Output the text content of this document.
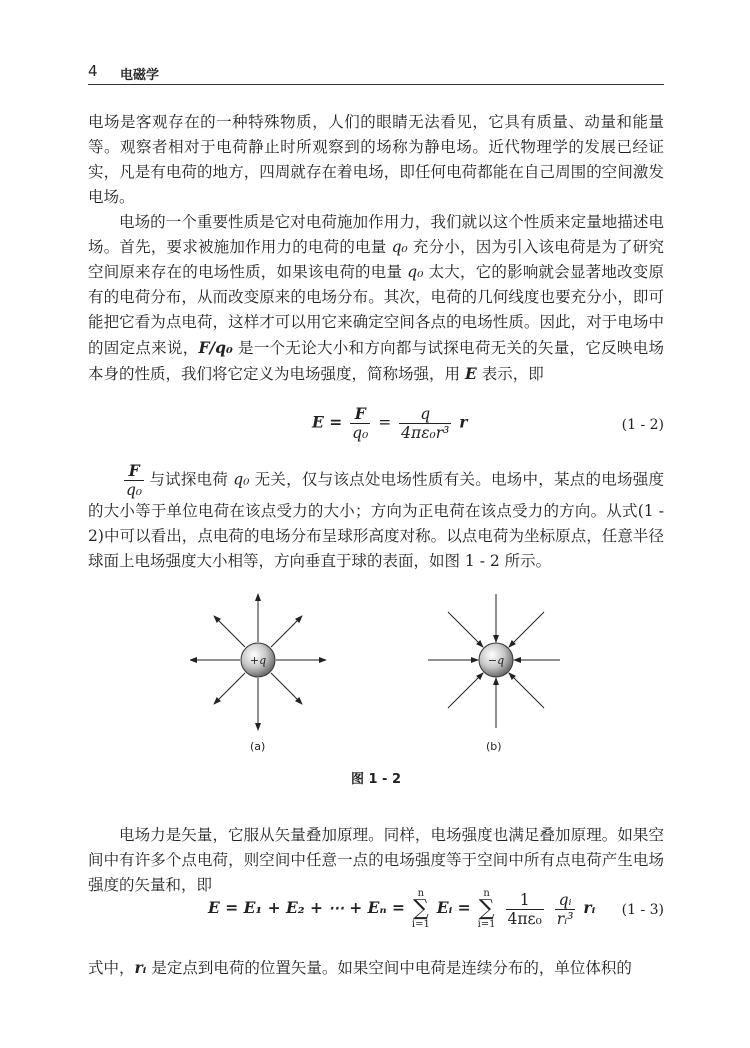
4 电磁学

电场是客观存在的一种特殊物质，人们的眼睛无法看见，它具有质量、动量和能量等。观察者相对于电荷静止时所观察到的场称为静电场。近代物理学的发展已经证实，凡是有电荷的地方，四周就存在着电场，即任何电荷都能在自己周围的空间激发电场。

电场的一个重要性质是它对电荷施加作用力，我们就以这个性质来定量地描述电场。首先，要求被施加作用力的电荷的电量 q₀ 充分小，因为引入该电荷是为了研究空间原来存在的电场性质，如果该电荷的电量 q₀ 太大，它的影响就会显著地改变原有的电荷分布，从而改变原来的电场分布。其次，电荷的几何线度也要充分小，即可能把它看为点电荷，这样才可以用它来确定空间各点的电场性质。因此，对于电场中的固定点来说，F/q₀ 是一个无论大小和方向都与试探电荷无关的矢量，它反映电场本身的性质，我们将它定义为电场强度，简称场强，用 E 表示，即

$E = \frac{F}{\text{q₀}} = \frac{q}{\text{4πε₀r³}}$ r	(1 - 2)

$\frac{F}{\text{q₀}}$ 与试探电荷 q₀ 无关，仅与该点处电场性质有关。电场中，某点的电场强度的大小等于单位电荷在该点受力的大小；方向为正电荷在该点受力的方向。从式(1 - 2)中可以看出，点电荷的电场分布呈球形高度对称。以点电荷为坐标原点，任意半径球面上电场强度大小相等，方向垂直于球的表面，如图 1 - 2 所示。

+q	−q
(a)	(b)
图 1 - 2

电场力是矢量，它服从矢量叠加原理。同样，电场强度也满足叠加原理。如果空间中有许多个点电荷，则空间中任意一点的电场强度等于空间中所有点电荷产生电场强度的矢量和，即

E = E₁ + E₂ + ⋯ + Eₙ = n
∑
i=1 Eᵢ = n
∑
$i=1 \frac{1}{\text{4πε₀}}$
$\frac{\text{qᵢ}}{\text{rᵢ³}}$ rᵢ (1 - 3)

式中，rᵢ 是定点到电荷的位置矢量。如果空间中电荷是连续分布的，单位体积的
